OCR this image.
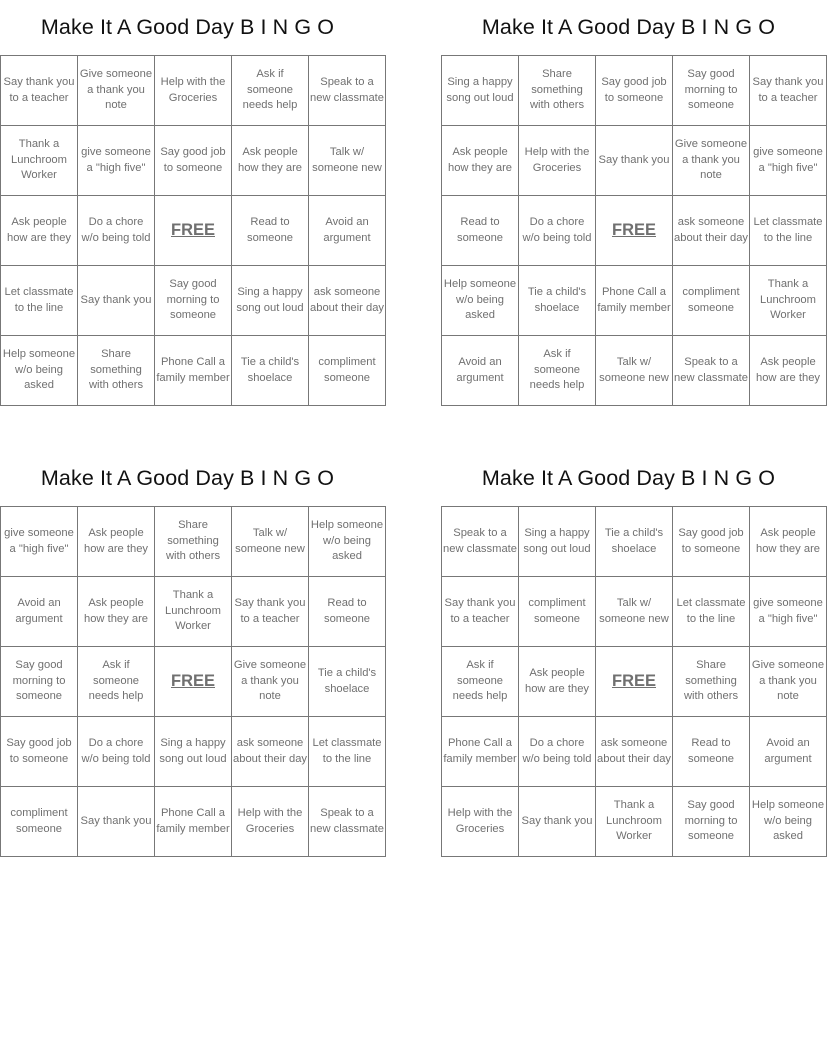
Make It A Good Day B I N G O
Say thank you to a teacher	Give someone a thank you note	Help with the Groceries	Ask if someone needs help	Speak to a new classmate
Thank a Lunchroom Worker	give someone a "high five"	Say good job to someone	Ask people how they are	Talk w/ someone new
Ask people how are they	Do a chore w/o being told	FREE	Read to someone	Avoid an argument
Let classmate to the line	Say thank you	Say good morning to someone	Sing a happy song out loud	ask someone about their day
Help someone w/o being asked	Share something with others	Phone Call a family member	Tie a child's shoelace	compliment someone
Make It A Good Day B I N G O
Sing a happy song out loud	Share something with others	Say good job to someone	Say good morning to someone	Say thank you to a teacher
Ask people how they are	Help with the Groceries	Say thank you	Give someone a thank you note	give someone a "high five"
Read to someone	Do a chore w/o being told	FREE	ask someone about their day	Let classmate to the line
Help someone w/o being asked	Tie a child's shoelace	Phone Call a family member	compliment someone	Thank a Lunchroom Worker
Avoid an argument	Ask if someone needs help	Talk w/ someone new	Speak to a new classmate	Ask people how are they
Make It A Good Day B I N G O
give someone a "high five"	Ask people how are they	Share something with others	Talk w/ someone new	Help someone w/o being asked
Avoid an argument	Ask people how they are	Thank a Lunchroom Worker	Say thank you to a teacher	Read to someone
Say good morning to someone	Ask if someone needs help	FREE	Give someone a thank you note	Tie a child's shoelace
Say good job to someone	Do a chore w/o being told	Sing a happy song out loud	ask someone about their day	Let classmate to the line
compliment someone	Say thank you	Phone Call a family member	Help with the Groceries	Speak to a new classmate
Make It A Good Day B I N G O
Speak to a new classmate	Sing a happy song out loud	Tie a child's shoelace	Say good job to someone	Ask people how they are
Say thank you to a teacher	compliment someone	Talk w/ someone new	Let classmate to the line	give someone a "high five"
Ask if someone needs help	Ask people how are they	FREE	Share something with others	Give someone a thank you note
Phone Call a family member	Do a chore w/o being told	ask someone about their day	Read to someone	Avoid an argument
Help with the Groceries	Say thank you	Thank a Lunchroom Worker	Say good morning to someone	Help someone w/o being asked
